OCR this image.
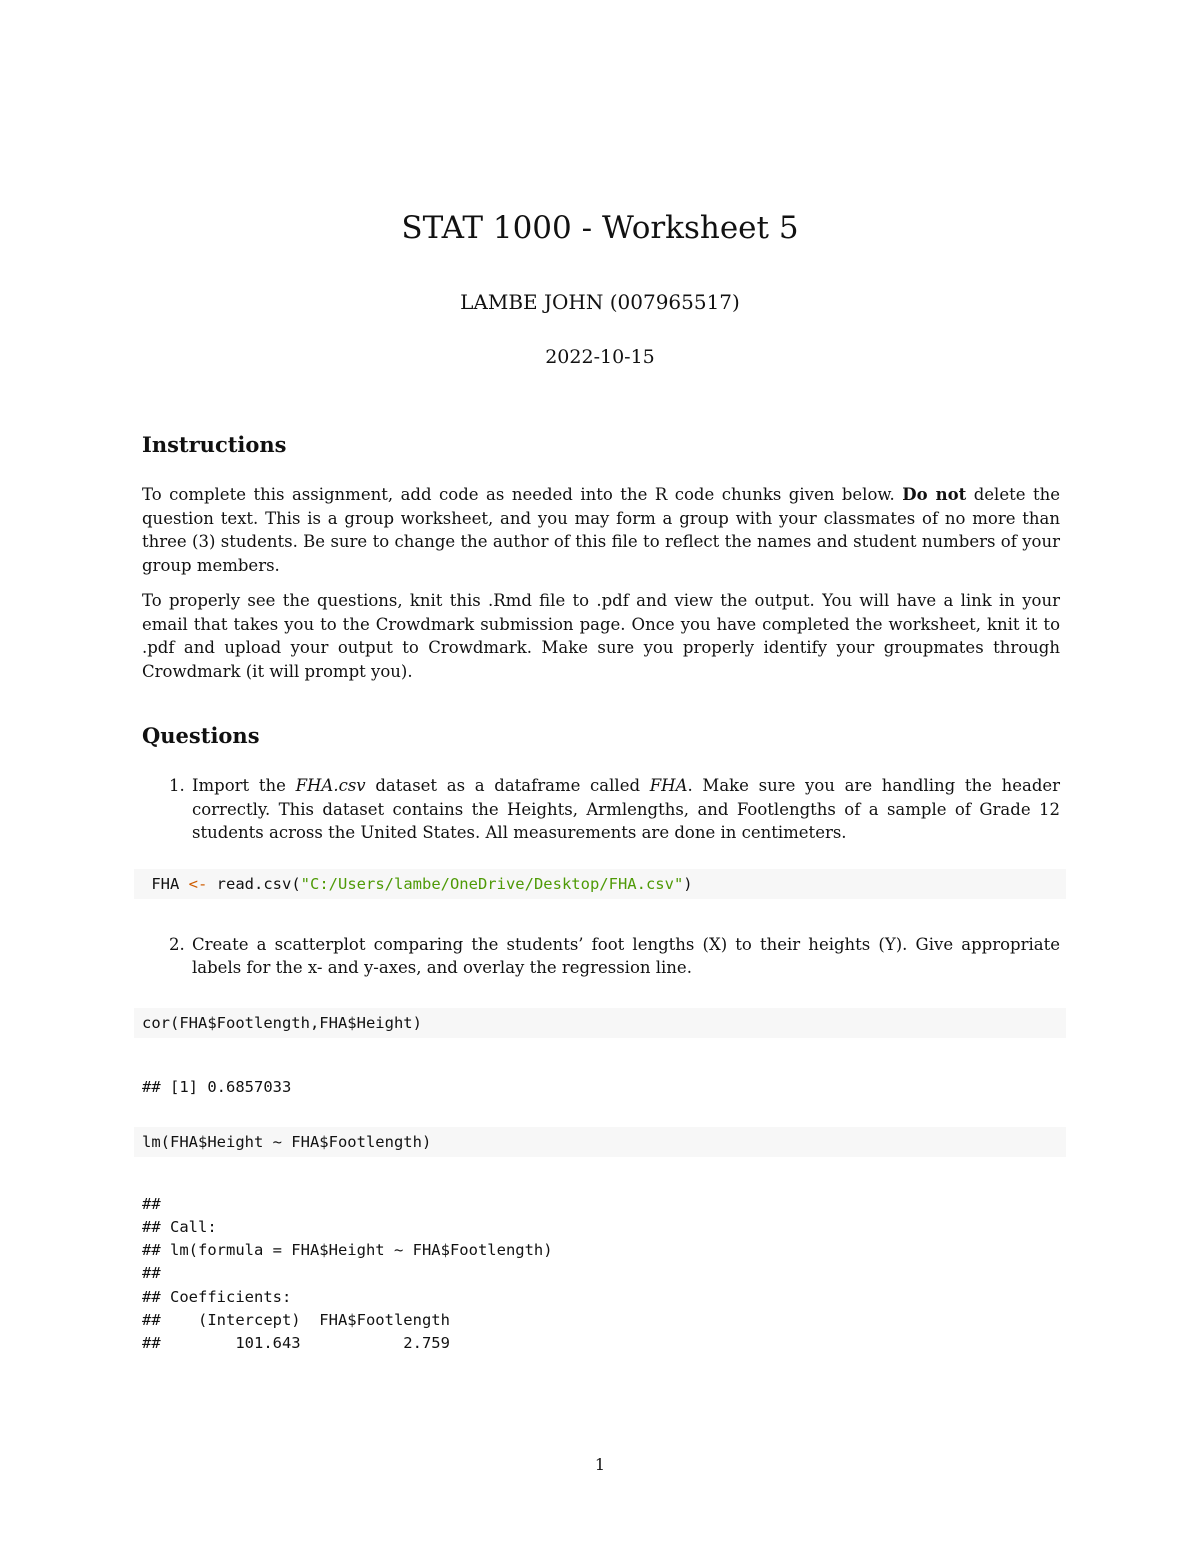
STAT 1000 - Worksheet 5
LAMBE JOHN (007965517)
2022-10-15
Instructions

To complete this assignment, add code as needed into the R code chunks given below. Do not delete the question text. This is a group worksheet, and you may form a group with your classmates of no more than three (3) students. Be sure to change the author of this file to reflect the names and student numbers of your group members.

To properly see the questions, knit this .Rmd file to .pdf and view the output. You will have a link in your email that takes you to the Crowdmark submission page. Once you have completed the worksheet, knit it to .pdf and upload your output to Crowdmark. Make sure you properly identify your groupmates through Crowdmark (it will prompt you).

Questions
1. Import the FHA.csv dataset as a dataframe called FHA. Make sure you are handling the header correctly. This dataset contains the Heights, Armlengths, and Footlengths of a sample of Grade 12 students across the United States. All measurements are done in centimeters.
FHA <- read.csv("C:/Users/lambe/OneDrive/Desktop/FHA.csv")
2. Create a scatterplot comparing the students’ foot lengths (X) to their heights (Y). Give appropriate labels for the x- and y-axes, and overlay the regression line.
cor(FHA$Footlength,FHA$Height)
## [1] 0.6857033
lm(FHA$Height ~ FHA$Footlength)
##
## Call:
## lm(formula = FHA$Height ~ FHA$Footlength)
##
## Coefficients:
##    (Intercept)  FHA$Footlength
##        101.643           2.759
1
